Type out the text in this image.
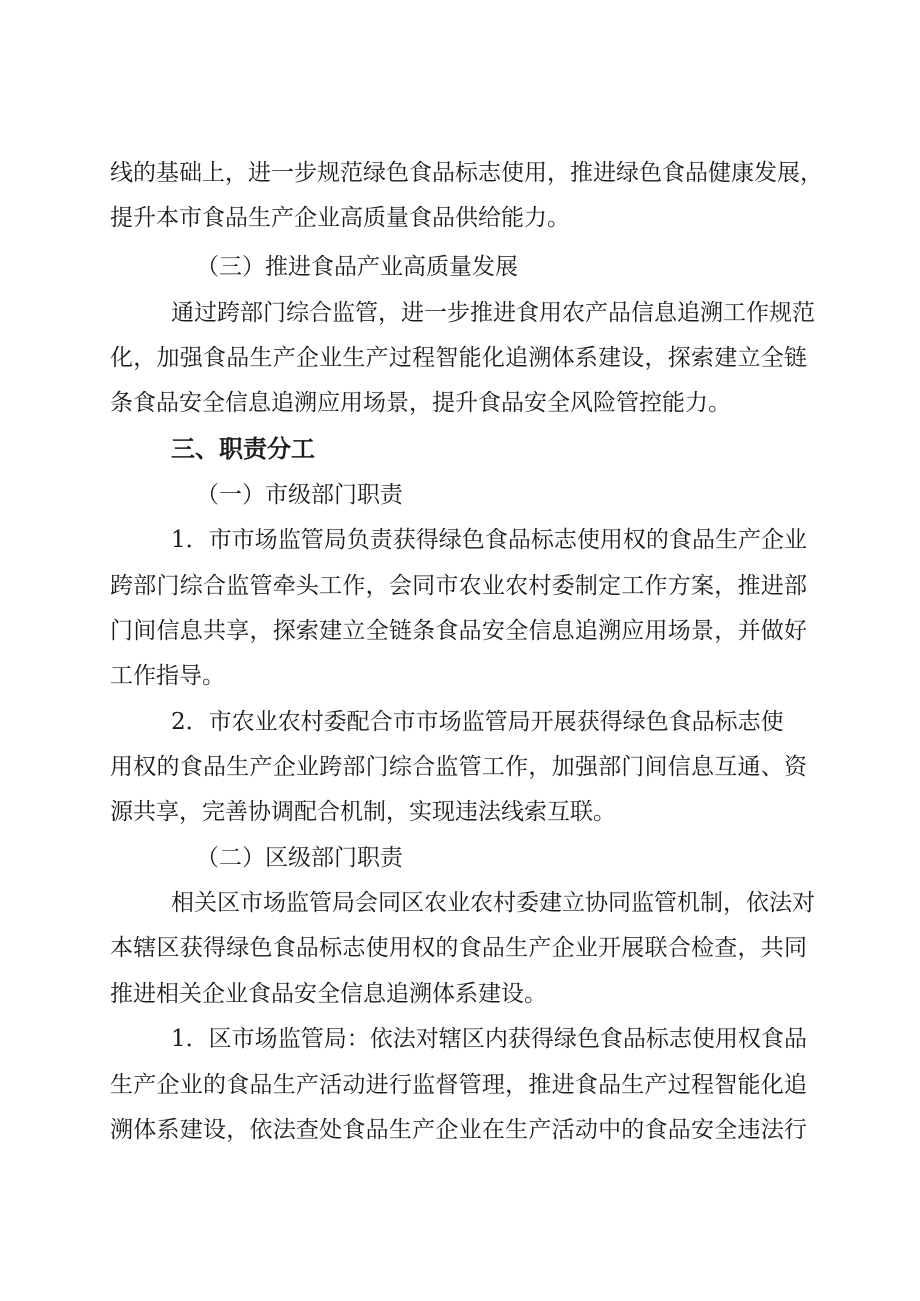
线的基础上，进一步规范绿色食品标志使用，推进绿色食品健康发展，
提升本市食品生产企业高质量食品供给能力。
（三）推进食品产业高质量发展
通过跨部门综合监管，进一步推进食用农产品信息追溯工作规范
化，加强食品生产企业生产过程智能化追溯体系建设，探索建立全链
条食品安全信息追溯应用场景，提升食品安全风险管控能力。
三、职责分工
（一）市级部门职责
1．市市场监管局负责获得绿色食品标志使用权的食品生产企业
跨部门综合监管牵头工作，会同市农业农村委制定工作方案，推进部
门间信息共享，探索建立全链条食品安全信息追溯应用场景，并做好
工作指导。
2．市农业农村委配合市市场监管局开展获得绿色食品标志使
用权的食品生产企业跨部门综合监管工作，加强部门间信息互通、资
源共享，完善协调配合机制，实现违法线索互联。
（二）区级部门职责
相关区市场监管局会同区农业农村委建立协同监管机制，依法对
本辖区获得绿色食品标志使用权的食品生产企业开展联合检查，共同
推进相关企业食品安全信息追溯体系建设。
1．区市场监管局：依法对辖区内获得绿色食品标志使用权食品
生产企业的食品生产活动进行监督管理，推进食品生产过程智能化追
溯体系建设，依法查处食品生产企业在生产活动中的食品安全违法行
